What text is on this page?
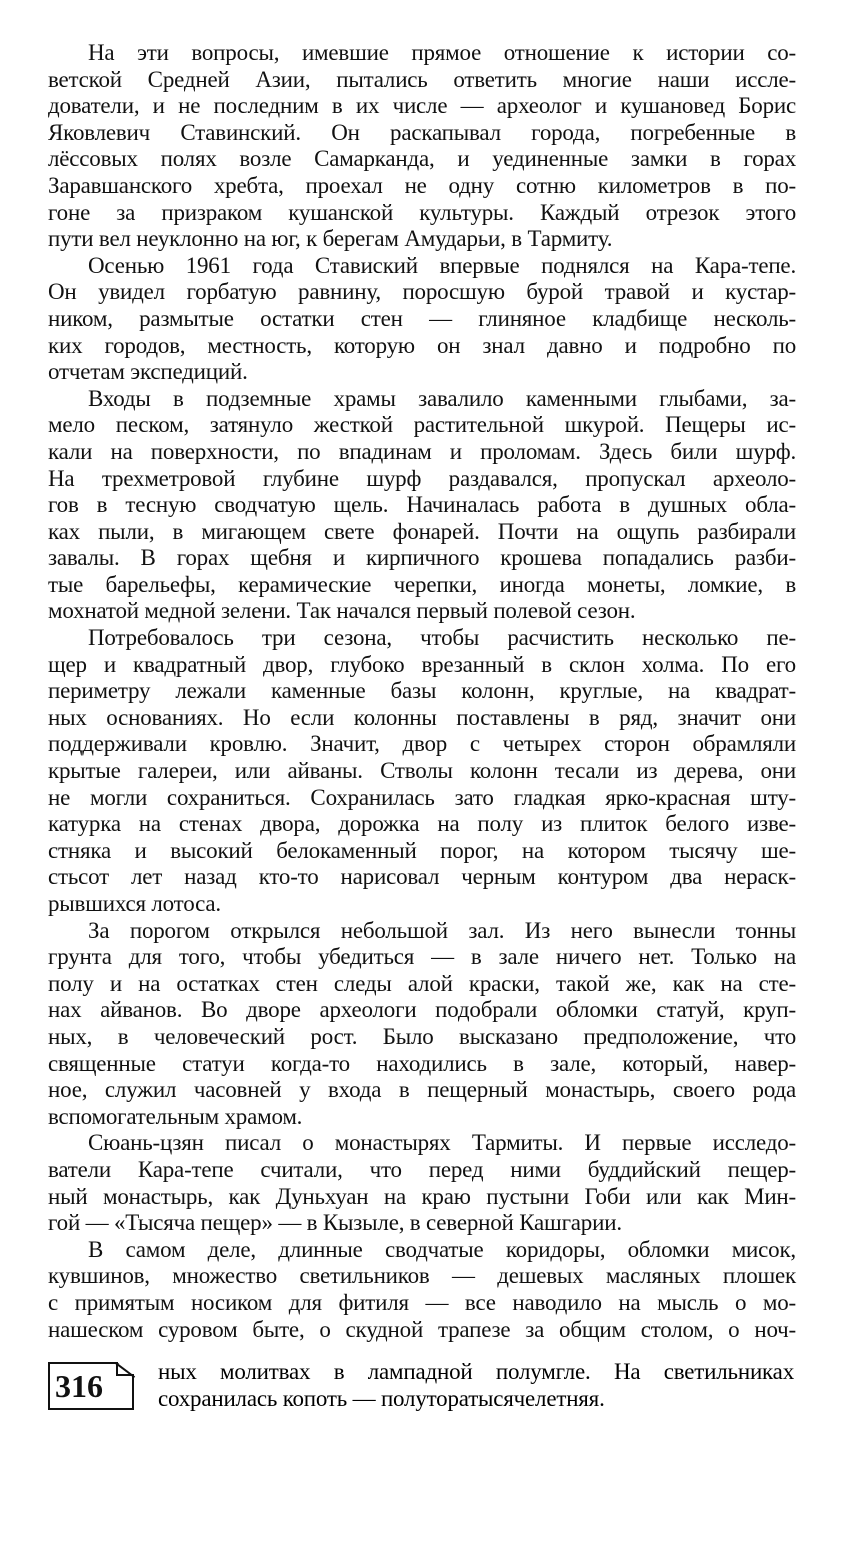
На эти вопросы, имевшие прямое отношение к истории со-
ветской Средней Азии, пытались ответить многие наши иссле-
дователи, и не последним в их числе — археолог и кушановед Борис
Яковлевич Ставинский. Он раскапывал города, погребенные в
лёссовых полях возле Самарканда, и уединенные замки в горах
Заравшанского хребта, проехал не одну сотню километров в по-
гоне за призраком кушанской культуры. Каждый отрезок этого
пути вел неуклонно на юг, к берегам Амударьи, в Тармиту.
Осенью 1961 года Ставиский впервые поднялся на Кара-тепе.
Он увидел горбатую равнину, поросшую бурой травой и кустар-
ником, размытые остатки стен — глиняное кладбище несколь-
ких городов, местность, которую он знал давно и подробно по
отчетам экспедиций.
Входы в подземные храмы завалило каменными глыбами, за-
мело песком, затянуло жесткой растительной шкурой. Пещеры ис-
кали на поверхности, по впадинам и проломам. Здесь били шурф.
На трехметровой глубине шурф раздавался, пропускал археоло-
гов в тесную сводчатую щель. Начиналась работа в душных обла-
ках пыли, в мигающем свете фонарей. Почти на ощупь разбирали
завалы. В горах щебня и кирпичного крошева попадались разби-
тые барельефы, керамические черепки, иногда монеты, ломкие, в
мохнатой медной зелени. Так начался первый полевой сезон.
Потребовалось три сезона, чтобы расчистить несколько пе-
щер и квадратный двор, глубоко врезанный в склон холма. По его
периметру лежали каменные базы колонн, круглые, на квадрат-
ных основаниях. Но если колонны поставлены в ряд, значит они
поддерживали кровлю. Значит, двор с четырех сторон обрамляли
крытые галереи, или айваны. Стволы колонн тесали из дерева, они
не могли сохраниться. Сохранилась зато гладкая ярко-красная шту-
катурка на стенах двора, дорожка на полу из плиток белого изве-
стняка и высокий белокаменный порог, на котором тысячу ше-
стьсот лет назад кто-то нарисовал черным контуром два нераск-
рывшихся лотоса.
За порогом открылся небольшой зал. Из него вынесли тонны
грунта для того, чтобы убедиться — в зале ничего нет. Только на
полу и на остатках стен следы алой краски, такой же, как на сте-
нах айванов. Во дворе археологи подобрали обломки статуй, круп-
ных, в человеческий рост. Было высказано предположение, что
священные статуи когда-то находились в зале, который, навер-
ное, служил часовней у входа в пещерный монастырь, своего рода
вспомогательным храмом.
Сюань-цзян писал о монастырях Тармиты. И первые исследо-
ватели Кара-тепе считали, что перед ними буддийский пещер-
ный монастырь, как Дуньхуан на краю пустыни Гоби или как Мин-
гой — «Тысяча пещер» — в Кызыле, в северной Кашгарии.
В самом деле, длинные сводчатые коридоры, обломки мисок,
кувшинов, множество светильников — дешевых масляных плошек
с примятым носиком для фитиля — все наводило на мысль о мо-
нашеском суровом быте, о скудной трапезе за общим столом, о ноч-
316 ных молитвах в лампадной полумгле. На светильниках
сохранилась копоть — полуторатысячелетняя.
